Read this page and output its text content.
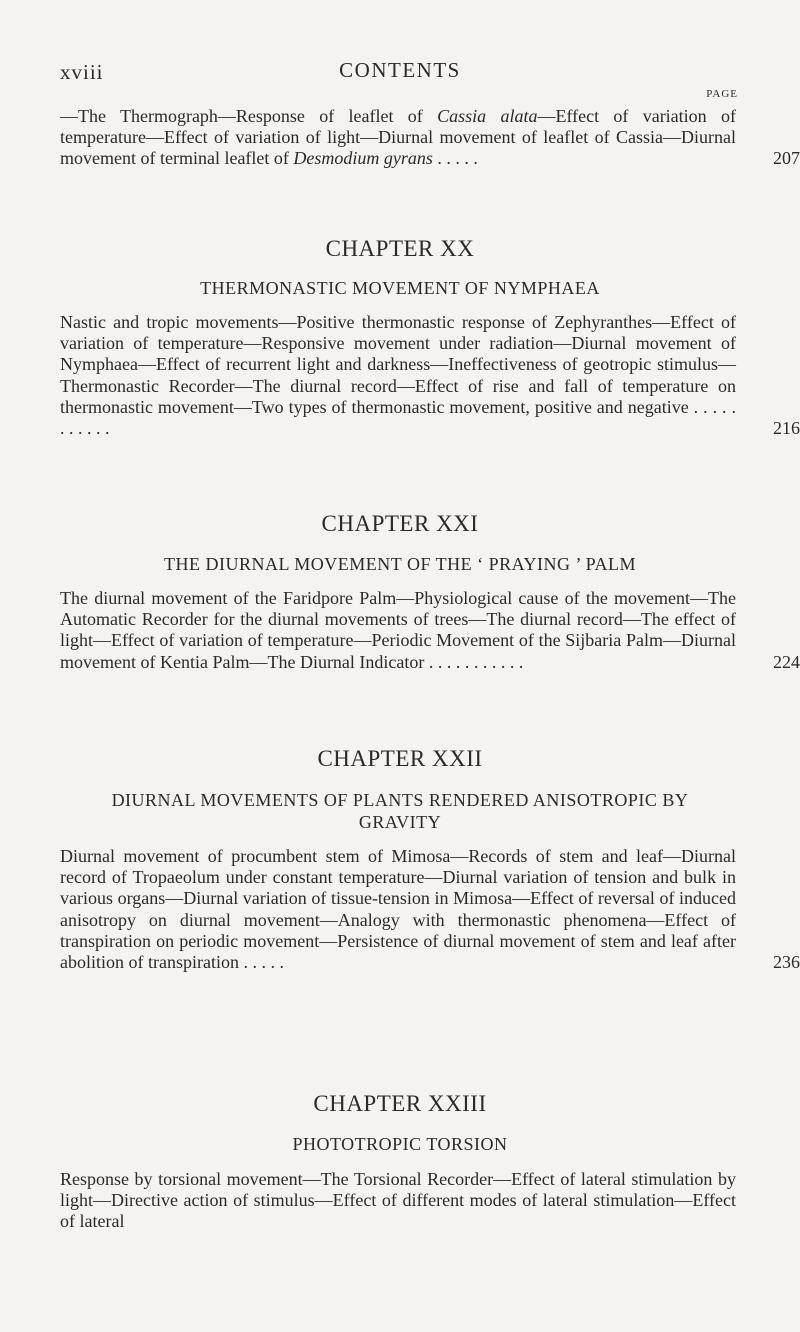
xviii	CONTENTS
PAGE
—The Thermograph—Response of leaflet of Cassia alata—Effect of variation of temperature—Effect of variation of light—Diurnal movement of leaflet of Cassia—Diurnal movement of terminal leaflet of Desmodium gyrans . . . . .	207
CHAPTER XX
THERMONASTIC MOVEMENT OF NYMPHAEA
Nastic and tropic movements—Positive thermonastic response of Zephyranthes—Effect of variation of temperature—Responsive movement under radiation—Diurnal movement of Nymphaea—Effect of recurrent light and darkness—Ineffectiveness of geotropic stimulus—Thermonastic Recorder—The diurnal record—Effect of rise and fall of temperature on thermonastic movement—Two types of thermonastic movement, positive and negative . . . . . . . . . . .	216
CHAPTER XXI
THE DIURNAL MOVEMENT OF THE ‘ PRAYING ’ PALM
The diurnal movement of the Faridpore Palm—Physiological cause of the movement—The Automatic Recorder for the diurnal movements of trees—The diurnal record—The effect of light—Effect of variation of temperature—Periodic Movement of the Sijbaria Palm—Diurnal movement of Kentia Palm—The Diurnal Indicator . . . . . . . . . . .	224
CHAPTER XXII
DIURNAL MOVEMENTS OF PLANTS RENDERED ANISOTROPIC BY GRAVITY
Diurnal movement of procumbent stem of Mimosa—Records of stem and leaf—Diurnal record of Tropaeolum under constant temperature—Diurnal variation of tension and bulk in various organs—Diurnal variation of tissue-tension in Mimosa—Effect of reversal of induced anisotropy on diurnal movement—Analogy with thermonastic phenomena—Effect of transpiration on periodic movement—Persistence of diurnal movement of stem and leaf after abolition of transpiration . . . . .	236
CHAPTER XXIII
PHOTOTROPIC TORSION
Response by torsional movement—The Torsional Recorder—Effect of lateral stimulation by light—Directive action of stimulus—Effect of different modes of lateral stimulation—Effect of lateral
